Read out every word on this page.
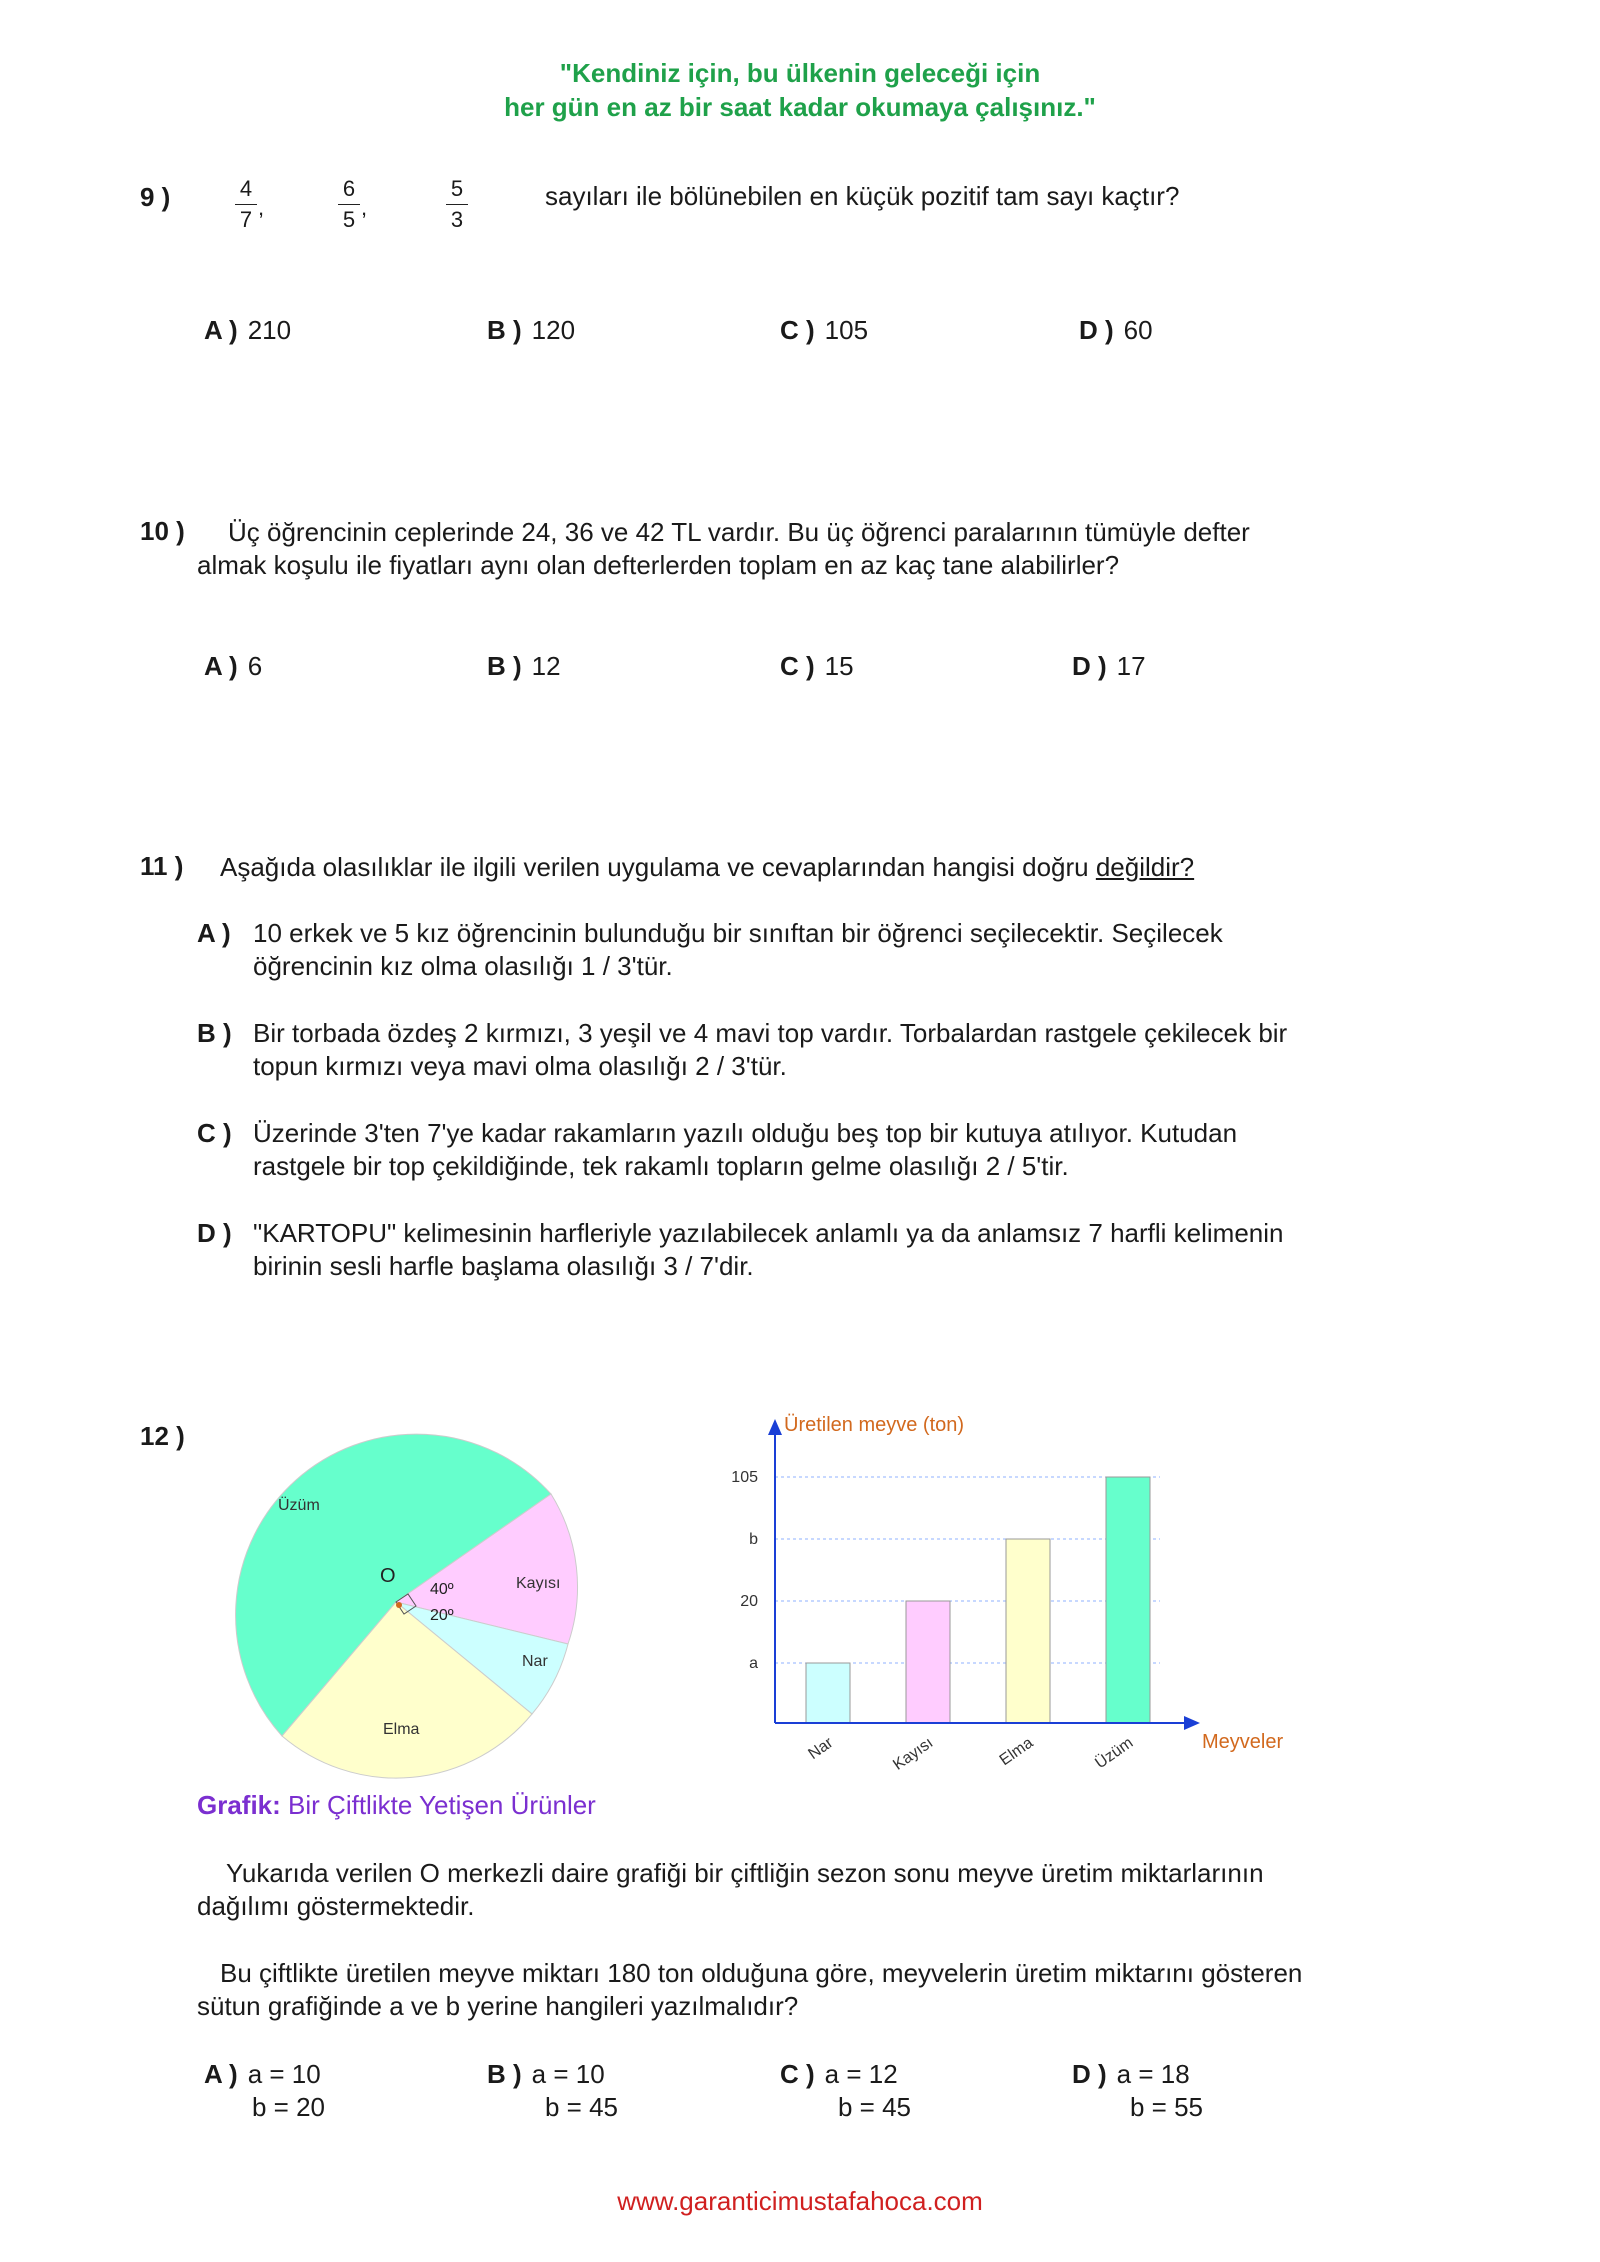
"Kendiniz için, bu ülkenin geleceği için
her gün en az bir saat kadar okumaya çalışınız."
9 )	4
7 ,
6
5 ,
5
3
sayıları ile bölünebilen en küçük pozitif tam sayı kaçtır?
A ) 210	B ) 120	C ) 105	D ) 60
10 ) Üç öğrencinin ceplerinde 24, 36 ve 42 TL vardır. Bu üç öğrenci paralarının tümüyle defter
almak koşulu ile fiyatları aynı olan defterlerden toplam en az kaç tane alabilirler?
A ) 6	B ) 12	C ) 15	D ) 17
11 ) Aşağıda olasılıklar ile ilgili verilen uygulama ve cevaplarından hangisi doğru değildir?
A ) 10 erkek ve 5 kız öğrencinin bulunduğu bir sınıftan bir öğrenci seçilecektir. Seçilecek
öğrencinin kız olma olasılığı 1 / 3'tür.
B ) Bir torbada özdeş 2 kırmızı, 3 yeşil ve 4 mavi top vardır. Torbalardan rastgele çekilecek bir
topun kırmızı veya mavi olma olasılığı 2 / 3'tür.
C ) Üzerinde 3'ten 7'ye kadar rakamların yazılı olduğu beş top bir kutuya atılıyor. Kutudan
rastgele bir top çekildiğinde, tek rakamlı topların gelme olasılığı 2 / 5'tir.
D ) "KARTOPU" kelimesinin harfleriyle yazılabilecek anlamlı ya da anlamsız 7 harfli kelimenin
birinin sesli harfle başlama olasılığı 3 / 7'dir.
12 )
O
40º
20º
Üzüm
Kayısı
Nar
Elma
Üretilen meyve (ton)
Meyveler
a
20
b
105
Nar	Kayısı	Elma	Üzüm
Grafik: Bir Çiftlikte Yetişen Ürünler
Yukarıda verilen O merkezli daire grafiği bir çiftliğin sezon sonu meyve üretim miktarlarının
dağılımı göstermektedir.
Bu çiftlikte üretilen meyve miktarı 180 ton olduğuna göre, meyvelerin üretim miktarını gösteren
sütun grafiğinde a ve b yerine hangileri yazılmalıdır?
A ) a = 10
b = 20
B ) a = 10
b = 45
C ) a = 12
b = 45
D ) a = 18
b = 55
www.garanticimustafahoca.com
